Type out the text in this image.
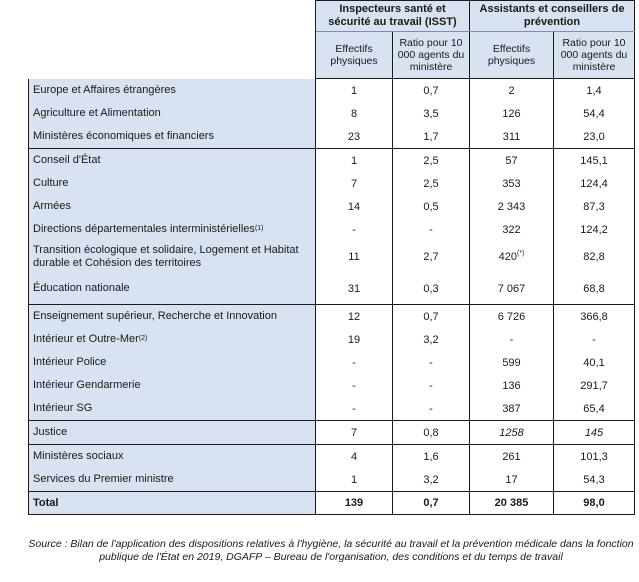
	Inspecteurs santé et sécurité au travail (ISST)		Assistants et conseillers de prévention	
	Effectifs physiques	Ratio pour 10 000 agents du ministère	Effectifs physiques	Ratio pour 10 000 agents du ministère
Europe et Affaires étrangères	1	0,7	2	1,4
Agriculture et Alimentation	8	3,5	126	54,4
Ministères économiques et financiers	23	1,7	311	23,0
Conseil d'État	1	2,5	57	145,1
Culture	7	2,5	353	124,4
Armées	14	0,5	2 343	87,3
Directions départementales interministérielles$^{(1)}$	-	-	322	124,2
Transition écologique et solidaire, Logement et Habitat durable et Cohésion des territoires	11	2,7	420(*)	82,8
Éducation nationale	31	0,3	7 067	68,8
Enseignement supérieur, Recherche et Innovation	12	0,7	6 726	366,8
Intérieur et Outre-Mer$^{(2)}$	19	3,2	-	-
Intérieur Police	-	-	599	40,1
Intérieur Gendarmerie	-	-	136	291,7
Intérieur SG	-	-	387	65,4
Justice	7	0,8	1258	145
Ministères sociaux	4	1,6	261	101,3
Services du Premier ministre	1	3,2	17	54,3
Total	139	0,7	20 385	98,0
Source : Bilan de l'application des dispositions relatives à l'hygiène, la sécurité au travail et la prévention médicale dans la fonction publique de l'État en 2019, DGAFP – Bureau de l'organisation, des conditions et du temps de travail
